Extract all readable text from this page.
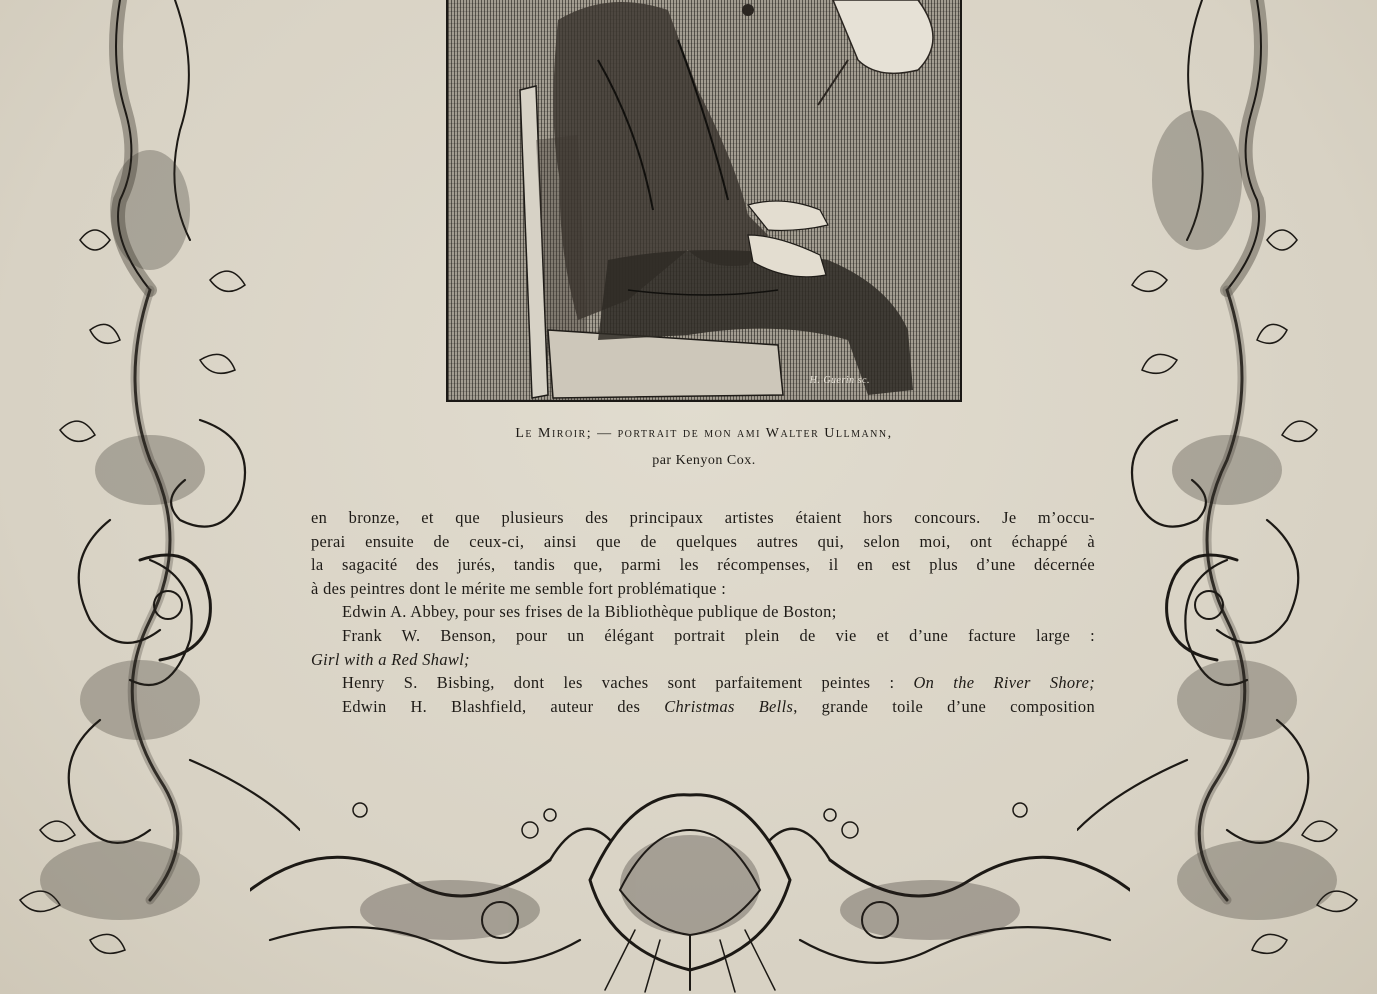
H. Guerin sc.
Le Miroir; — portrait de mon ami Walter Ullmann,
par Kenyon Cox.
en bronze, et que plusieurs des principaux artistes étaient hors concours. Je m’occu-
perai ensuite de ceux-ci, ainsi que de quelques autres qui, selon moi, ont échappé à
la sagacité des jurés, tandis que, parmi les récompenses, il en est plus d’une décernée
à des peintres dont le mérite me semble fort problématique :
Edwin A. Abbey, pour ses frises de la Bibliothèque publique de Boston;
Frank W. Benson, pour un élégant portrait plein de vie et d’une facture large :
Girl with a Red Shawl;
Henry S. Bisbing, dont les vaches sont parfaitement peintes : On the River Shore;
Edwin H. Blashfield, auteur des Christmas Bells, grande toile d’une composition
